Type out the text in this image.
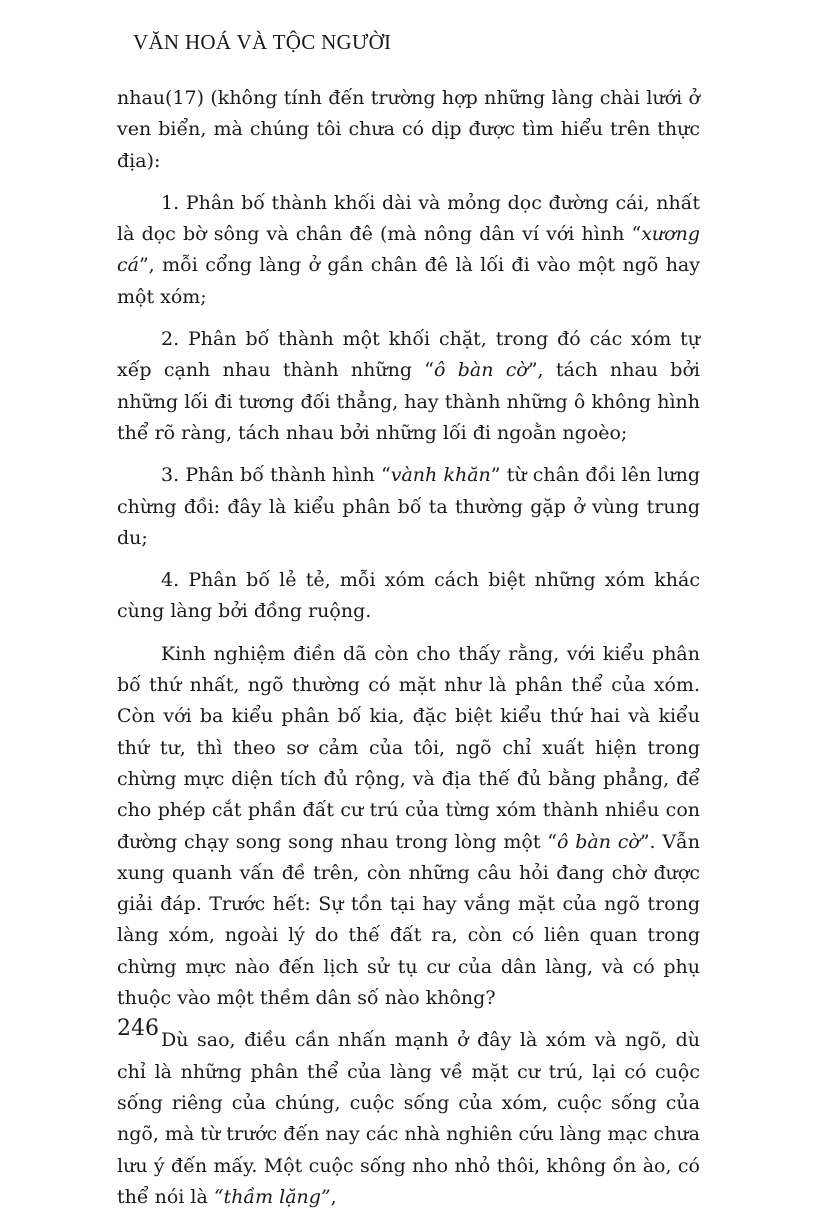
VĂN HOÁ VÀ TỘC NGƯỜI

nhau(17) (không tính đến trường hợp những làng chài lưới ở ven biển, mà chúng tôi chưa có dịp được tìm hiểu trên thực địa):

1. Phân bố thành khối dài và mỏng dọc đường cái, nhất là dọc bờ sông và chân đê (mà nông dân ví với hình “xương cá”, mỗi cổng làng ở gần chân đê là lối đi vào một ngõ hay một xóm;

2. Phân bố thành một khối chặt, trong đó các xóm tự xếp cạnh nhau thành những “ô bàn cờ”, tách nhau bởi những lối đi tương đối thẳng, hay thành những ô không hình thể rõ ràng, tách nhau bởi những lối đi ngoằn ngoèo;

3. Phân bố thành hình “vành khăn” từ chân đồi lên lưng chừng đồi: đây là kiểu phân bố ta thường gặp ở vùng trung du;

4. Phân bố lẻ tẻ, mỗi xóm cách biệt những xóm khác cùng làng bởi đồng ruộng.

Kinh nghiệm điền dã còn cho thấy rằng, với kiểu phân bố thứ nhất, ngõ thường có mặt như là phân thể của xóm. Còn với ba kiểu phân bố kia, đặc biệt kiểu thứ hai và kiểu thứ tư, thì theo sơ cảm của tôi, ngõ chỉ xuất hiện trong chừng mực diện tích đủ rộng, và địa thế đủ bằng phẳng, để cho phép cắt phần đất cư trú của từng xóm thành nhiều con đường chạy song song nhau trong lòng một “ô bàn cờ”. Vẫn xung quanh vấn đề trên, còn những câu hỏi đang chờ được giải đáp. Trước hết: Sự tồn tại hay vắng mặt của ngõ trong làng xóm, ngoài lý do thế đất ra, còn có liên quan trong chừng mực nào đến lịch sử tụ cư của dân làng, và có phụ thuộc vào một thềm dân số nào không?

Dù sao, điều cần nhấn mạnh ở đây là xóm và ngõ, dù chỉ là những phân thể của làng về mặt cư trú, lại có cuộc sống riêng của chúng, cuộc sống của xóm, cuộc sống của ngõ, mà từ trước đến nay các nhà nghiên cứu làng mạc chưa lưu ý đến mấy. Một cuộc sống nho nhỏ thôi, không ồn ào, có thể nói là “thầm lặng”,

246
